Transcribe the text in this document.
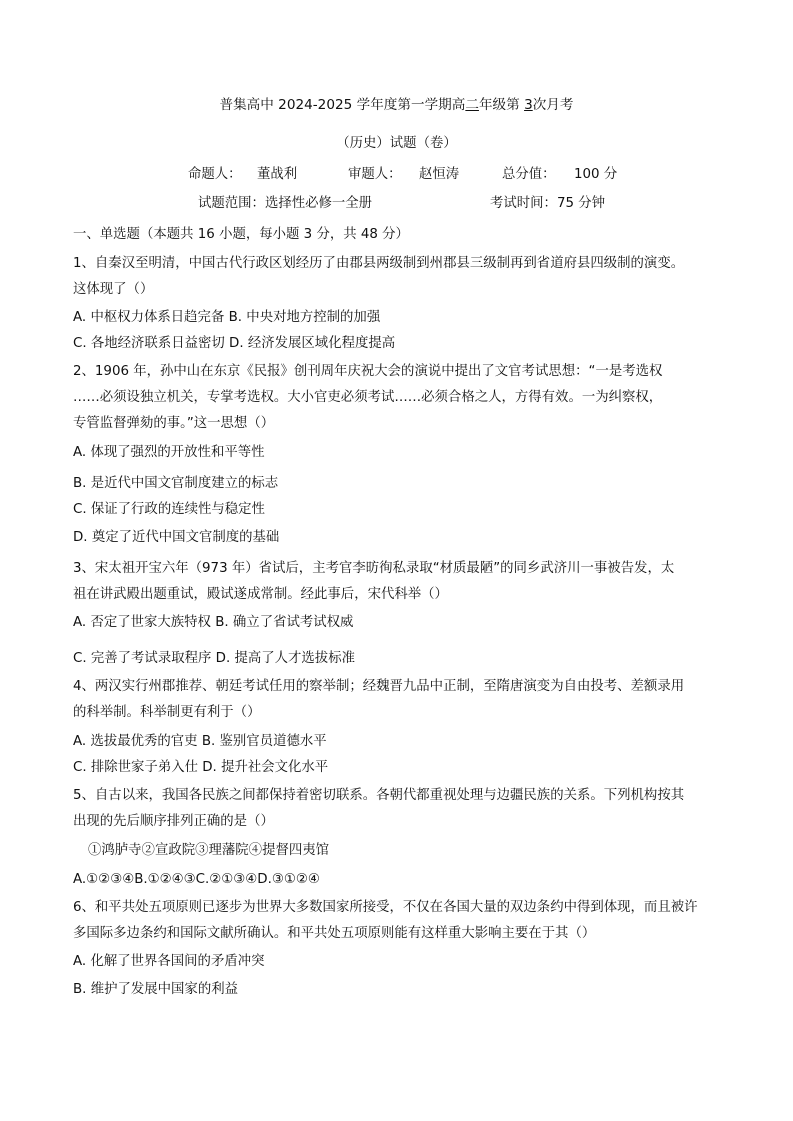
普集高中 2024-2025 学年度第一学期高二年级第 3次月考
（历史）试题（卷）
命题人： 董战利	审题人： 赵恒涛	总分值： 100 分
试题范围：选择性必修一全册	考试时间：75 分钟
一、单选题（本题共 16 小题，每小题 3 分，共 48 分）
1、自秦汉至明清，中国古代行政区划经历了由郡县两级制到州郡县三级制再到省道府县四级制的演变。
这体现了（）
A. 中枢权力体系日趋完备 B. 中央对地方控制的加强
C. 各地经济联系日益密切 D. 经济发展区域化程度提高
2、1906 年，孙中山在东京《民报》创刊周年庆祝大会的演说中提出了文官考试思想：“一是考选权
……必须设独立机关，专掌考选权。大小官吏必须考试……必须合格之人，方得有效。一为纠察权，
专管监督弹劾的事。”这一思想（）
A. 体现了强烈的开放性和平等性
B. 是近代中国文官制度建立的标志
C. 保证了行政的连续性与稳定性
D. 奠定了近代中国文官制度的基础
3、宋太祖开宝六年（973 年）省试后，主考官李昉徇私录取“材质最陋”的同乡武济川一事被告发，太
祖在讲武殿出题重试，殿试遂成常制。经此事后，宋代科举（）
A. 否定了世家大族特权 B. 确立了省试考试权威
C. 完善了考试录取程序 D. 提高了人才选拔标准
4、两汉实行州郡推荐、朝廷考试任用的察举制；经魏晋九品中正制，至隋唐演变为自由投考、差额录用
的科举制。科举制更有利于（）
A. 选拔最优秀的官吏 B. 鉴别官员道德水平
C. 排除世家子弟入仕 D. 提升社会文化水平
5、自古以来，我国各民族之间都保持着密切联系。各朝代都重视处理与边疆民族的关系。下列机构按其
出现的先后顺序排列正确的是（）
①鸿胪寺②宣政院③理藩院④提督四夷馆
A.①②③④B.①②④③C.②①③④D.③①②④
6、和平共处五项原则已逐步为世界大多数国家所接受，不仅在各国大量的双边条约中得到体现，而且被许
多国际多边条约和国际文献所确认。和平共处五项原则能有这样重大影响主要在于其（）
A. 化解了世界各国间的矛盾冲突
B. 维护了发展中国家的利益
